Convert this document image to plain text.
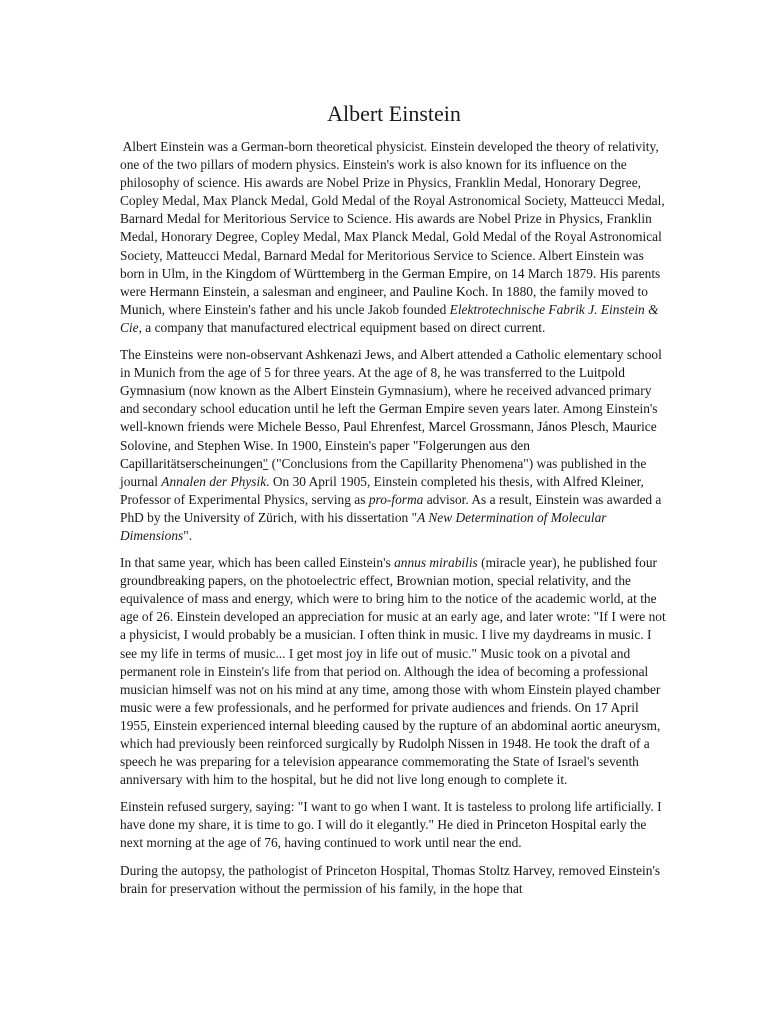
Albert Einstein

Albert Einstein was a German-born theoretical physicist. Einstein developed the theory of relativity, one of the two pillars of modern physics. Einstein's work is also known for its influence on the philosophy of science. His awards are Nobel Prize in Physics, Franklin Medal, Honorary Degree, Copley Medal, Max Planck Medal, Gold Medal of the Royal Astronomical Society, Matteucci Medal, Barnard Medal for Meritorious Service to Science. His awards are Nobel Prize in Physics, Franklin Medal, Honorary Degree, Copley Medal, Max Planck Medal, Gold Medal of the Royal Astronomical Society, Matteucci Medal, Barnard Medal for Meritorious Service to Science. Albert Einstein was born in Ulm, in the Kingdom of Württemberg in the German Empire, on 14 March 1879. His parents were Hermann Einstein, a salesman and engineer, and Pauline Koch. In 1880, the family moved to Munich, where Einstein's father and his uncle Jakob founded Elektrotechnische Fabrik J. Einstein & Cie, a company that manufactured electrical equipment based on direct current.

The Einsteins were non-observant Ashkenazi Jews, and Albert attended a Catholic elementary school in Munich from the age of 5 for three years. At the age of 8, he was transferred to the Luitpold Gymnasium (now known as the Albert Einstein Gymnasium), where he received advanced primary and secondary school education until he left the German Empire seven years later. Among Einstein's well-known friends were Michele Besso, Paul Ehrenfest, Marcel Grossmann, János Plesch, Maurice Solovine, and Stephen Wise. In 1900, Einstein's paper "Folgerungen aus den Capillaritätserscheinungen" ("Conclusions from the Capillarity Phenomena") was published in the journal Annalen der Physik. On 30 April 1905, Einstein completed his thesis, with Alfred Kleiner, Professor of Experimental Physics, serving as pro-forma advisor. As a result, Einstein was awarded a PhD by the University of Zürich, with his dissertation "A New Determination of Molecular Dimensions".

In that same year, which has been called Einstein's annus mirabilis (miracle year), he published four groundbreaking papers, on the photoelectric effect, Brownian motion, special relativity, and the equivalence of mass and energy, which were to bring him to the notice of the academic world, at the age of 26. Einstein developed an appreciation for music at an early age, and later wrote: "If I were not a physicist, I would probably be a musician. I often think in music. I live my daydreams in music. I see my life in terms of music... I get most joy in life out of music." Music took on a pivotal and permanent role in Einstein's life from that period on. Although the idea of becoming a professional musician himself was not on his mind at any time, among those with whom Einstein played chamber music were a few professionals, and he performed for private audiences and friends. On 17 April 1955, Einstein experienced internal bleeding caused by the rupture of an abdominal aortic aneurysm, which had previously been reinforced surgically by Rudolph Nissen in 1948. He took the draft of a speech he was preparing for a television appearance commemorating the State of Israel's seventh anniversary with him to the hospital, but he did not live long enough to complete it.

Einstein refused surgery, saying: "I want to go when I want. It is tasteless to prolong life artificially. I have done my share, it is time to go. I will do it elegantly." He died in Princeton Hospital early the next morning at the age of 76, having continued to work until near the end.

During the autopsy, the pathologist of Princeton Hospital, Thomas Stoltz Harvey, removed Einstein's brain for preservation without the permission of his family, in the hope that
